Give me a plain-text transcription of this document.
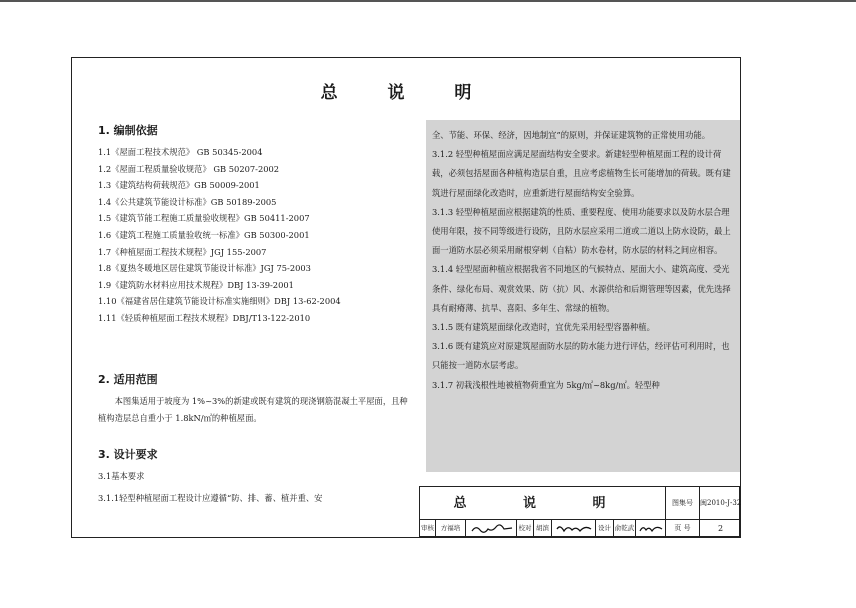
总 说 明
1. 编制依据
1.1《屋面工程技术规范》 GB 50345-2004
1.2《屋面工程质量验收规范》 GB 50207-2002
1.3《建筑结构荷载规范》GB 50009-2001
1.4《公共建筑节能设计标准》GB 50189-2005
1.5《建筑节能工程施工质量验收规程》GB 50411-2007
1.6《建筑工程施工质量验收统一标准》GB 50300-2001
1.7《种植屋面工程技术规程》JGJ 155-2007
1.8《夏热冬暖地区居住建筑节能设计标准》JGJ 75-2003
1.9《建筑防水材料应用技术规程》DBJ 13-39-2001
1.10《福建省居住建筑节能设计标准实施细则》DBJ 13-62-2004
1.11《轻质种植屋面工程技术规程》DBJ/T13-122-2010
2. 适用范围
本图集适用于坡度为 1%~3%的新建或既有建筑的现浇钢筋混凝土平屋面，且种植构造层总自重小于 1.8kN/㎡的种植屋面。
3. 设计要求
3.1基本要求
3.1.1轻型种植屋面工程设计应遵循“防、排、蓄、植并重、安

全、节能、环保、经济，因地制宜”的原则，并保证建筑物的正常使用功能。

3.1.2 轻型种植屋面应满足屋面结构安全要求。新建轻型种植屋面工程的设计荷载，必须包括屋面各种植构造层自重，且应考虑植物生长可能增加的荷载。既有建筑进行屋面绿化改造时，应重新进行屋面结构安全验算。

3.1.3 轻型种植屋面应根据建筑的性质、重要程度、使用功能要求以及防水层合理使用年限，按不同等级进行设防，且防水层应采用二道或二道以上防水设防，最上面一道防水层必须采用耐根穿刺（自粘）防水卷材，防水层的材料之间应相容。

3.1.4 轻型屋面种植应根据我省不同地区的气候特点、屋面大小、建筑高度、受光条件、绿化布局、观赏效果、防（抗）风、水源供给和后期管理等因素，优先选择具有耐瘠薄、抗旱、喜阳、多年生、常绿的植物。

3.1.5 既有建筑屋面绿化改造时，宜优先采用轻型容器种植。

3.1.6 既有建筑应对原建筑屋面防水层的防水能力进行评估，经评估可利用时，也只能按一道防水层考虑。

3.1.7 初栽浅根性地被植物荷重宜为 5kg/㎡~8kg/㎡。轻型种

总 说 明	图集号	闽2010-J-32
审核	方福培	校对 胡滨	设计 俞乾武	页 号	2
